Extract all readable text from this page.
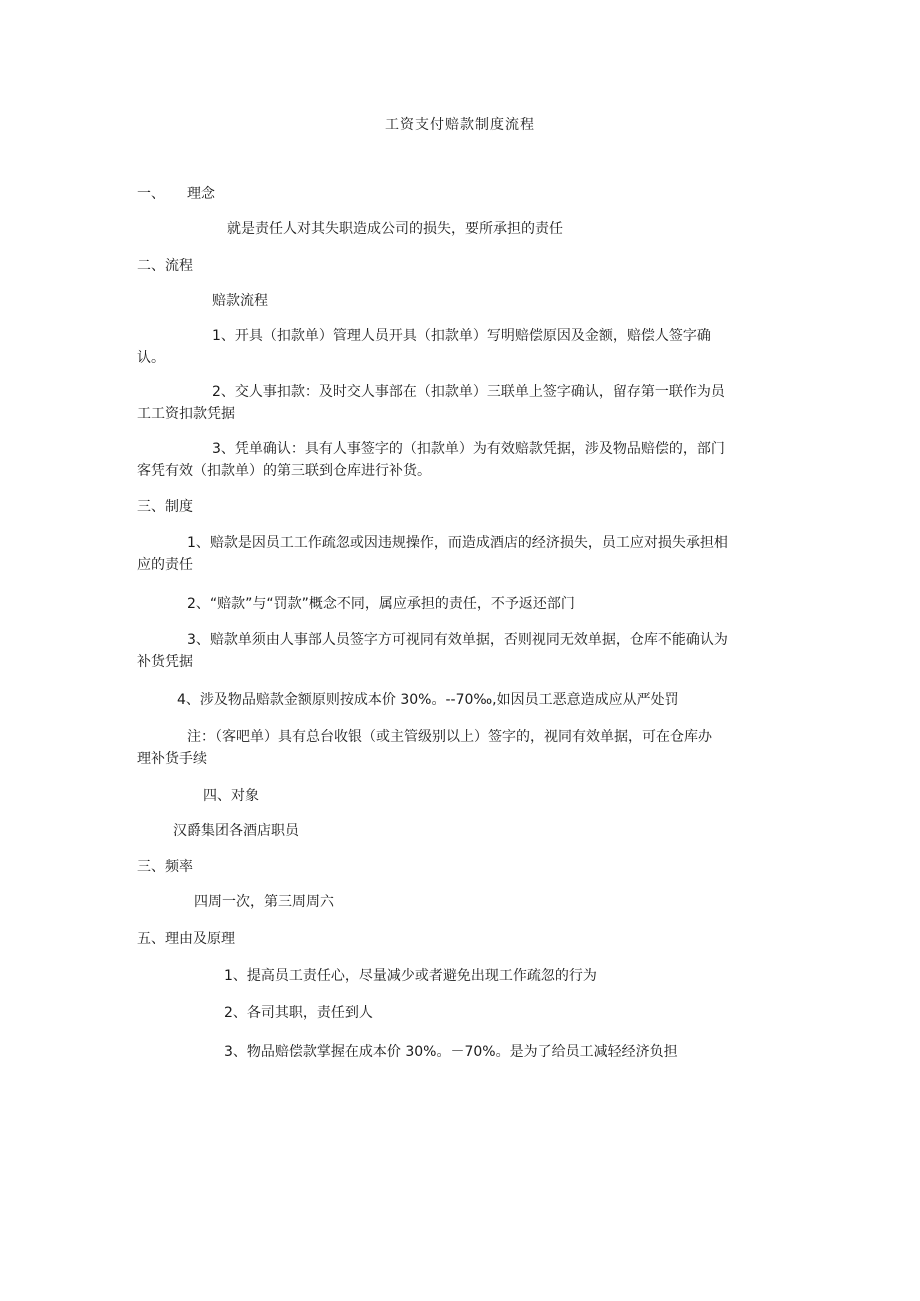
工资支付赔款制度流程
一、 理念
就是责任人对其失职造成公司的损失，要所承担的责任
二、流程
赔款流程
1、开具（扣款单）管理人员开具（扣款单）写明赔偿原因及金额，赔偿人签字确
认。
2、交人事扣款：及时交人事部在（扣款单）三联单上签字确认，留存第一联作为员
工工资扣款凭据
3、凭单确认：具有人事签字的（扣款单）为有效赔款凭据，涉及物品赔偿的，部门
客凭有效（扣款单）的第三联到仓库进行补货。
三、制度
1、赔款是因员工工作疏忽或因违规操作，而造成酒店的经济损失，员工应对损失承担相
应的责任
2、“赔款”与“罚款”概念不同，属应承担的责任，不予返还部门
3、赔款单须由人事部人员签字方可视同有效单据，否则视同无效单据，仓库不能确认为
补货凭据
4、涉及物品赔款金额原则按成本价 30%。--70‰,如因员工恶意造成应从严处罚
注：（客吧单）具有总台收银（或主管级别以上）签字的，视同有效单据，可在仓库办
理补货手续
四、对象
汉爵集团各酒店职员
三、频率
四周一次，第三周周六
五、理由及原理
1、提高员工责任心，尽量减少或者避免出现工作疏忽的行为
2、各司其职，责任到人
3、物品赔偿款掌握在成本价 30%。－70%。是为了给员工减轻经济负担
